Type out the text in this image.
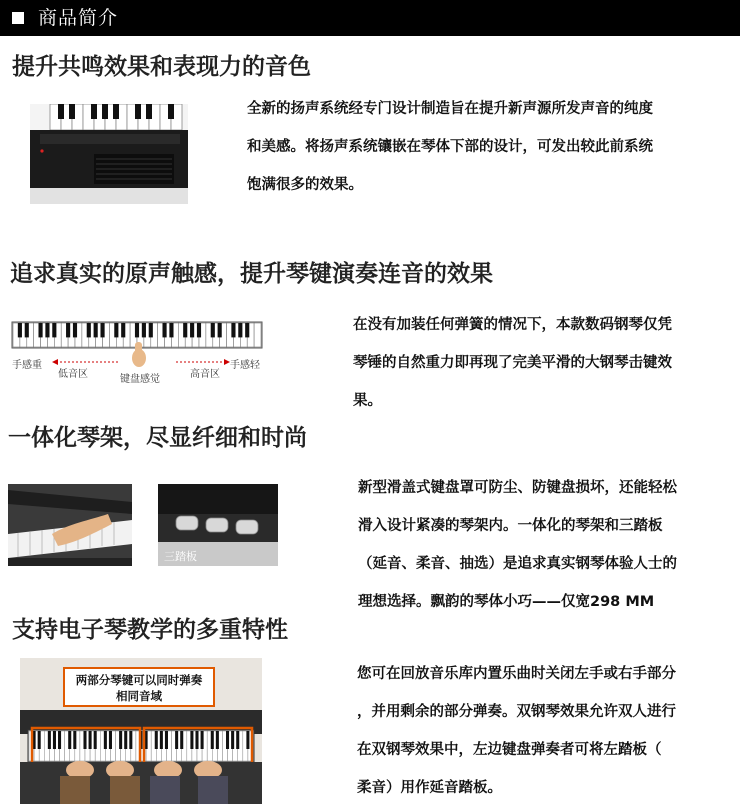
商品简介
提升共鸣效果和表现力的音色
全新的扬声系统经专门设计制造旨在提升新声源所发声音的纯度
和美感。将扬声系统镶嵌在琴体下部的设计，可发出较此前系统
饱满很多的效果。
追求真实的原声触感，提升琴键演奏连音的效果
手感重	手感轻
低音区	键盘感觉	高音区
在没有加装任何弹簧的情况下，本款数码钢琴仅凭
琴锤的自然重力即再现了完美平滑的大钢琴击键效
果。
一体化琴架，尽显纤细和时尚
三踏板
新型滑盖式键盘罩可防尘、防键盘损坏，还能轻松
滑入设计紧凑的琴架内。一体化的琴架和三踏板
（延音、柔音、抽选）是追求真实钢琴体验人士的
理想选择。飘韵的琴体小巧——仅宽298 MM
支持电子琴教学的多重特性
两部分琴键可以同时弹奏
相同音域
您可在回放音乐库内置乐曲时关闭左手或右手部分
，并用剩余的部分弹奏。双钢琴效果允许双人进行
在双钢琴效果中，左边键盘弹奏者可将左踏板（
柔音）用作延音踏板。
